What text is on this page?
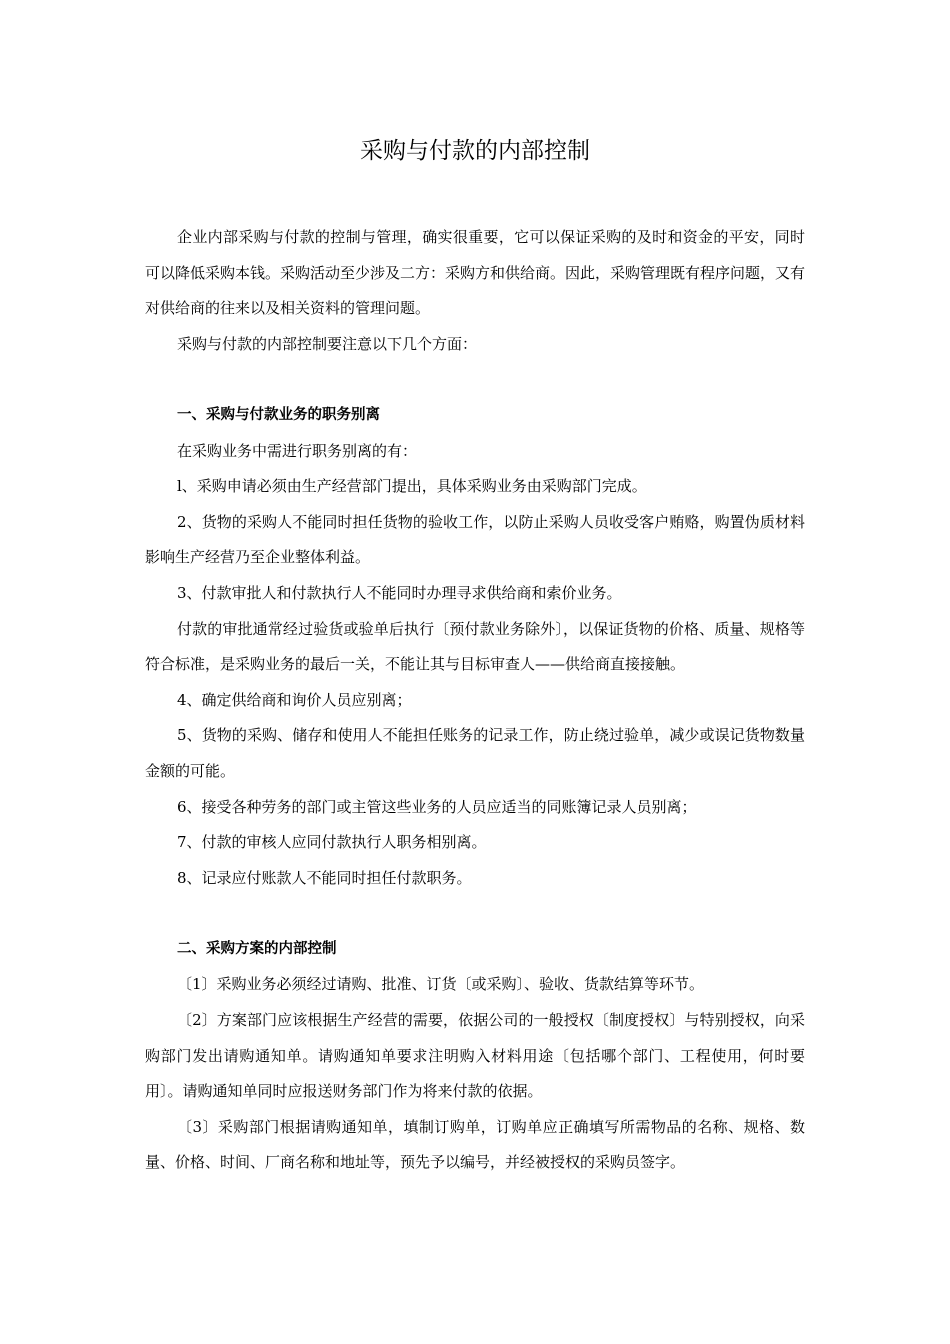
采购与付款的内部控制

企业内部采购与付款的控制与管理，确实很重要，它可以保证采购的及时和资金的平安，同时可以降低采购本钱。采购活动至少涉及二方：采购方和供给商。因此，采购管理既有程序问题，又有对供给商的往来以及相关资料的管理问题。

采购与付款的内部控制要注意以下几个方面：

一、采购与付款业务的职务别离

在采购业务中需进行职务别离的有：

l、采购申请必须由生产经营部门提出，具体采购业务由采购部门完成。

2、货物的采购人不能同时担任货物的验收工作，以防止采购人员收受客户贿赂，购置伪质材料影响生产经营乃至企业整体利益。

3、付款审批人和付款执行人不能同时办理寻求供给商和索价业务。

付款的审批通常经过验货或验单后执行〔预付款业务除外〕，以保证货物的价格、质量、规格等符合标准，是采购业务的最后一关，不能让其与目标审查人——供给商直接接触。

4、确定供给商和询价人员应别离；

5、货物的采购、储存和使用人不能担任账务的记录工作，防止绕过验单，减少或误记货物数量金额的可能。

6、接受各种劳务的部门或主管这些业务的人员应适当的同账簿记录人员别离；

7、付款的审核人应同付款执行人职务相别离。

8、记录应付账款人不能同时担任付款职务。

二、采购方案的内部控制

〔1〕采购业务必须经过请购、批准、订货〔或采购〕、验收、货款结算等环节。

〔2〕方案部门应该根据生产经营的需要，依据公司的一般授权〔制度授权〕与特别授权，向采购部门发出请购通知单。请购通知单要求注明购入材料用途〔包括哪个部门、工程使用，何时要用〕。请购通知单同时应报送财务部门作为将来付款的依据。

〔3〕采购部门根据请购通知单，填制订购单，订购单应正确填写所需物品的名称、规格、数量、价格、时间、厂商名称和地址等，预先予以编号，并经被授权的采购员签字。
